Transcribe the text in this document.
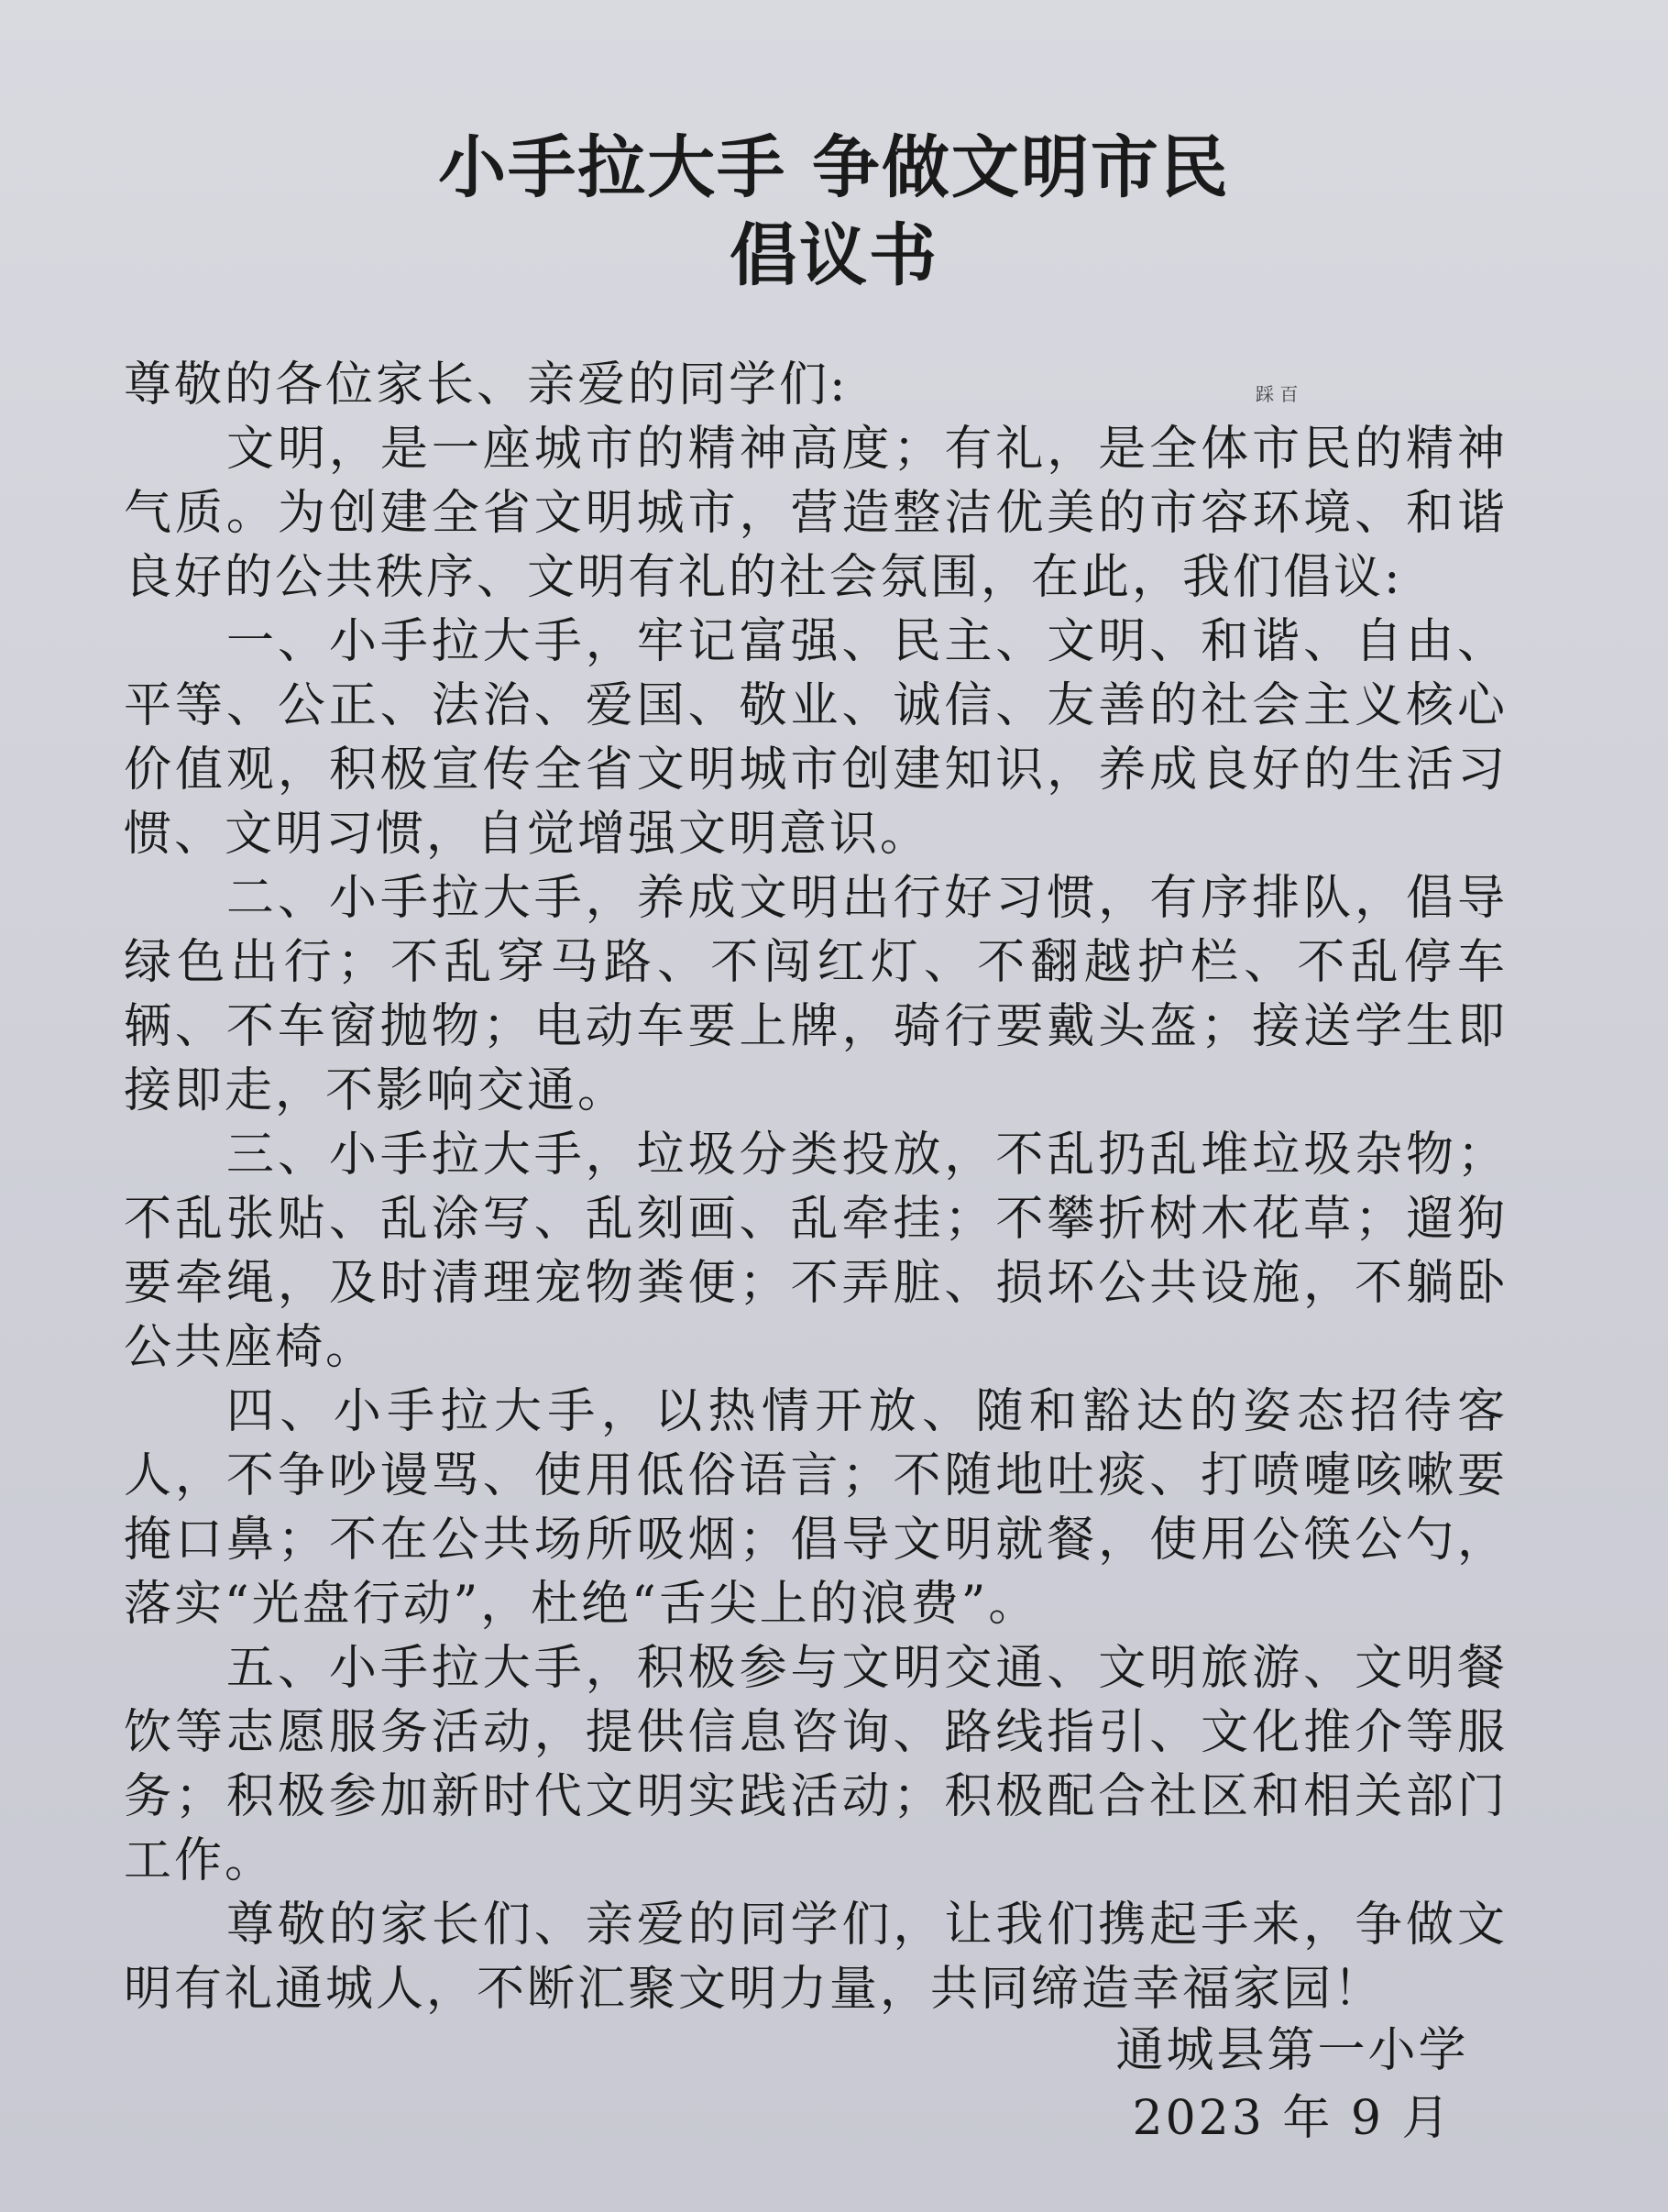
小手拉大手 争做文明市民
倡议书
踩 百

尊敬的各位家长、亲爱的同学们:

文明，是一座城市的精神高度；有礼，是全体市民的精神气质。为创建全省文明城市，营造整洁优美的市容环境、和谐良好的公共秩序、文明有礼的社会氛围，在此，我们倡议:

一、小手拉大手，牢记富强、民主、文明、和谐、自由、平等、公正、法治、爱国、敬业、诚信、友善的社会主义核心价值观，积极宣传全省文明城市创建知识，养成良好的生活习惯、文明习惯，自觉增强文明意识。

二、小手拉大手，养成文明出行好习惯，有序排队，倡导绿色出行；不乱穿马路、不闯红灯、不翻越护栏、不乱停车辆、不车窗抛物；电动车要上牌，骑行要戴头盔；接送学生即接即走，不影响交通。

三、小手拉大手，垃圾分类投放，不乱扔乱堆垃圾杂物；不乱张贴、乱涂写、乱刻画、乱牵挂；不攀折树木花草；遛狗要牵绳，及时清理宠物粪便；不弄脏、损坏公共设施，不躺卧公共座椅。

四、小手拉大手，以热情开放、随和豁达的姿态招待客人，不争吵谩骂、使用低俗语言；不随地吐痰、打喷嚏咳嗽要掩口鼻；不在公共场所吸烟；倡导文明就餐，使用公筷公勺，落实“光盘行动”，杜绝“舌尖上的浪费”。

五、小手拉大手，积极参与文明交通、文明旅游、文明餐饮等志愿服务活动，提供信息咨询、路线指引、文化推介等服务；积极参加新时代文明实践活动；积极配合社区和相关部门工作。

尊敬的家长们、亲爱的同学们，让我们携起手来，争做文明有礼通城人，不断汇聚文明力量，共同缔造幸福家园！

通城县第一小学
2023 年 9 月
